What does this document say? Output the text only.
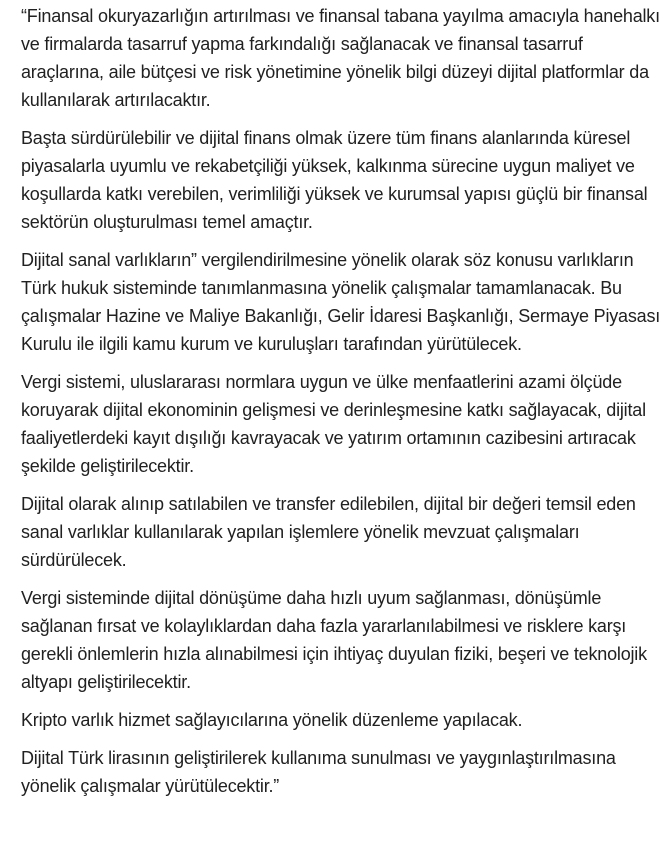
“Finansal okuryazarlığın artırılması ve finansal tabana yayılma amacıyla hanehalkı ve firmalarda tasarruf yapma farkındalığı sağlanacak ve finansal tasarruf araçlarına, aile bütçesi ve risk yönetimine yönelik bilgi düzeyi dijital platformlar da kullanılarak artırılacaktır.

Başta sürdürülebilir ve dijital finans olmak üzere tüm finans alanlarında küresel piyasalarla uyumlu ve rekabetçiliği yüksek, kalkınma sürecine uygun maliyet ve koşullarda katkı verebilen, verimliliği yüksek ve kurumsal yapısı güçlü bir finansal sektörün oluşturulması temel amaçtır.

Dijital sanal varlıkların” vergilendirilmesine yönelik olarak söz konusu varlıkların Türk hukuk sisteminde tanımlanmasına yönelik çalışmalar tamamlanacak. Bu çalışmalar Hazine ve Maliye Bakanlığı, Gelir İdaresi Başkanlığı, Sermaye Piyasası Kurulu ile ilgili kamu kurum ve kuruluşları tarafından yürütülecek.

Vergi sistemi, uluslararası normlara uygun ve ülke menfaatlerini azami ölçüde koruyarak dijital ekonominin gelişmesi ve derinleşmesine katkı sağlayacak, dijital faaliyetlerdeki kayıt dışılığı kavrayacak ve yatırım ortamının cazibesini artıracak şekilde geliştirilecektir.

Dijital olarak alınıp satılabilen ve transfer edilebilen, dijital bir değeri temsil eden sanal varlıklar kullanılarak yapılan işlemlere yönelik mevzuat çalışmaları sürdürülecek.

Vergi sisteminde dijital dönüşüme daha hızlı uyum sağlanması, dönüşümle sağlanan fırsat ve kolaylıklardan daha fazla yararlanılabilmesi ve risklere karşı gerekli önlemlerin hızla alınabilmesi için ihtiyaç duyulan fiziki, beşeri ve teknolojik altyapı geliştirilecektir.

Kripto varlık hizmet sağlayıcılarına yönelik düzenleme yapılacak.

Dijital Türk lirasının geliştirilerek kullanıma sunulması ve yaygınlaştırılmasına yönelik çalışmalar yürütülecektir.”
